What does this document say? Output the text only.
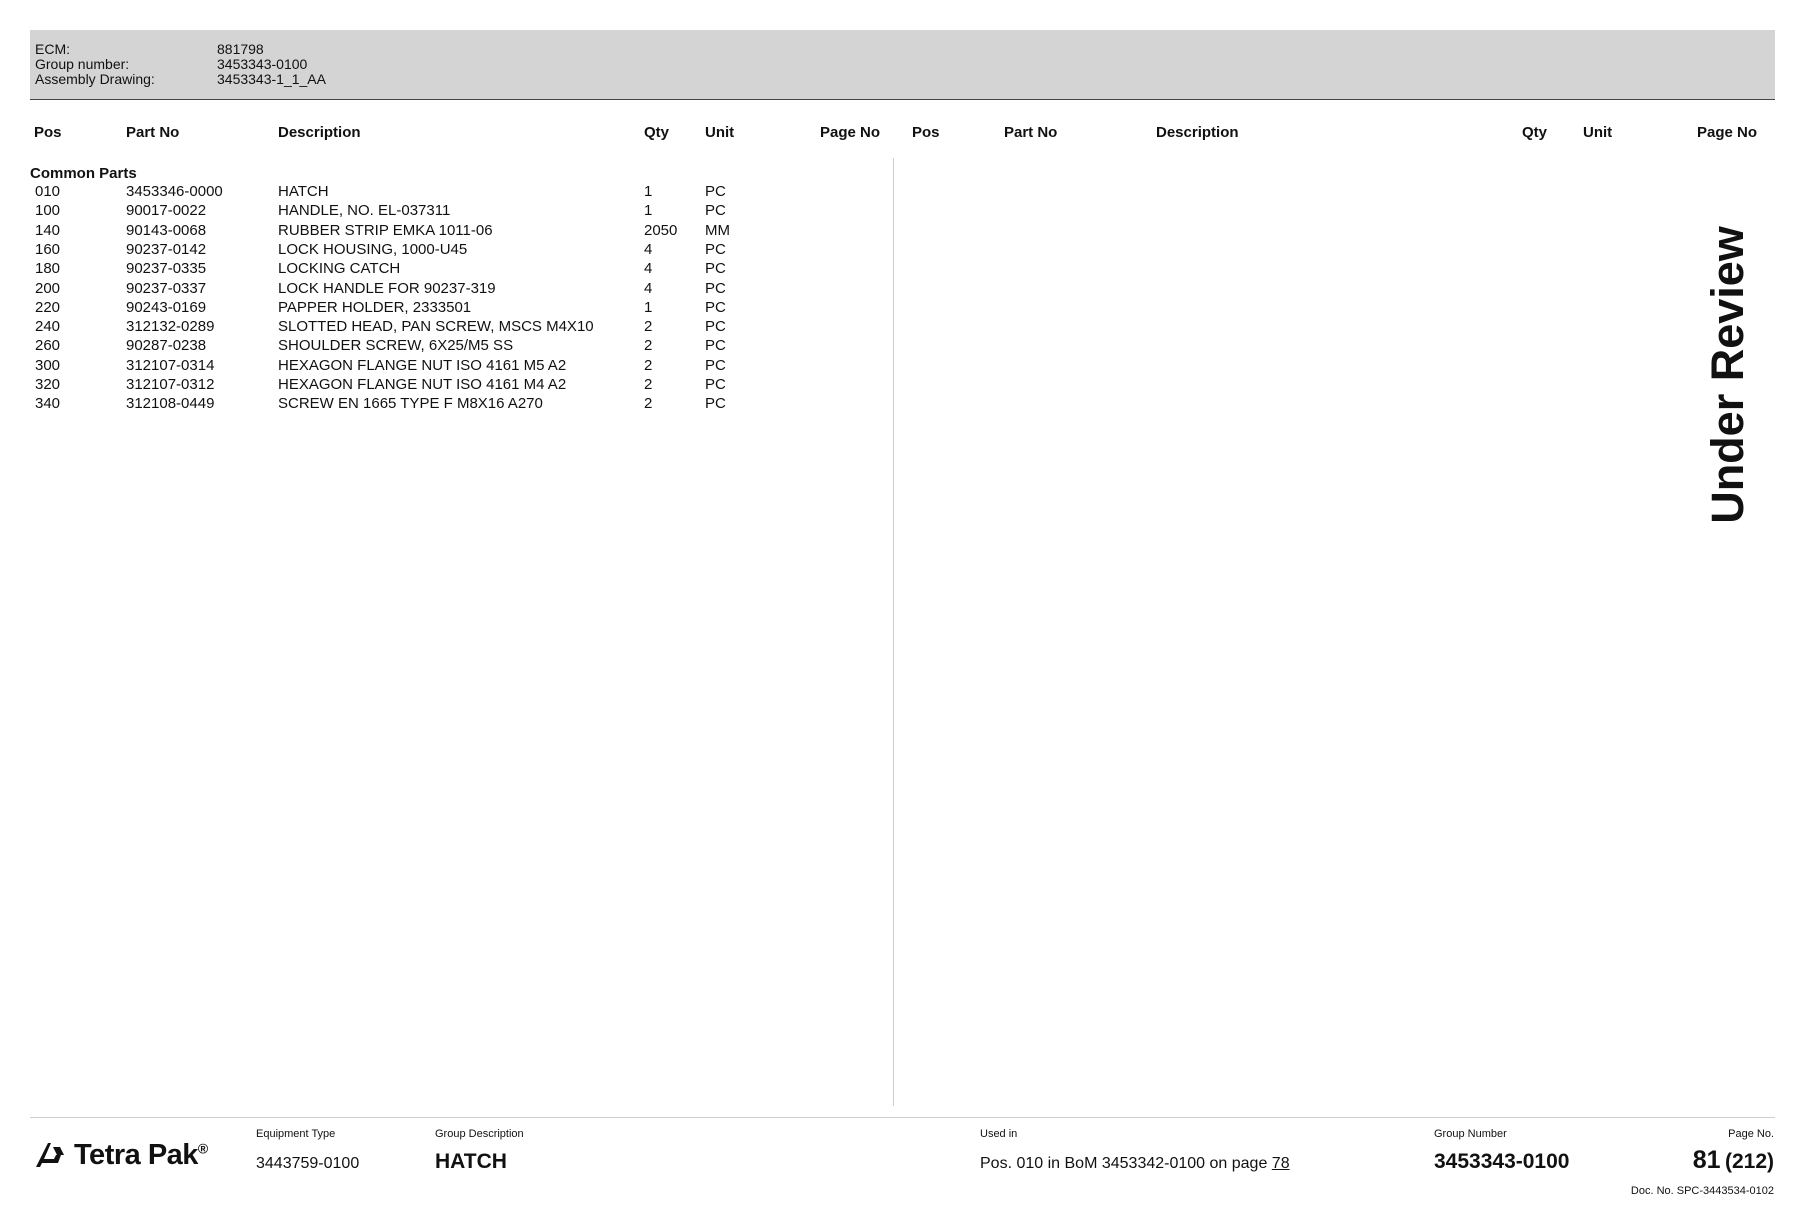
ECM:	881798
Group number:	3453343-0100
Assembly Drawing:	3453343-1_1_AA
Pos	Part No	Description	Qty Unit	Page No Pos	Part No	Description	Qty Unit	Page No
Common Parts
010	3453346-0000	HATCH	1	PC
100	90017-0022	HANDLE, NO. EL-037311	1	PC
140	90143-0068	RUBBER STRIP EMKA 1011-06	2050 MM
160	90237-0142	LOCK HOUSING, 1000-U45	4	PC
180	90237-0335	LOCKING CATCH	4	PC
200	90237-0337	LOCK HANDLE FOR 90237-319	4	PC
220	90243-0169	PAPPER HOLDER, 2333501	1	PC
240	312132-0289	SLOTTED HEAD, PAN SCREW, MSCS M4X10	2	PC
260	90287-0238	SHOULDER SCREW, 6X25/M5 SS	2	PC
300	312107-0314	HEXAGON FLANGE NUT ISO 4161 M5 A2	2	PC
320	312107-0312	HEXAGON FLANGE NUT ISO 4161 M4 A2	2	PC
340	312108-0449	SCREW EN 1665 TYPE F M8X16 A270	2	PC	Under Review
Tetra Pak®
Equipment Type
3443759-0100
Group Description
HATCH
Used in
Pos. 010 in BoM 3453342-0100 on page 78
Group Number
3453343-0100
Page No.
81 (212)
Doc. No. SPC-3443534-0102
